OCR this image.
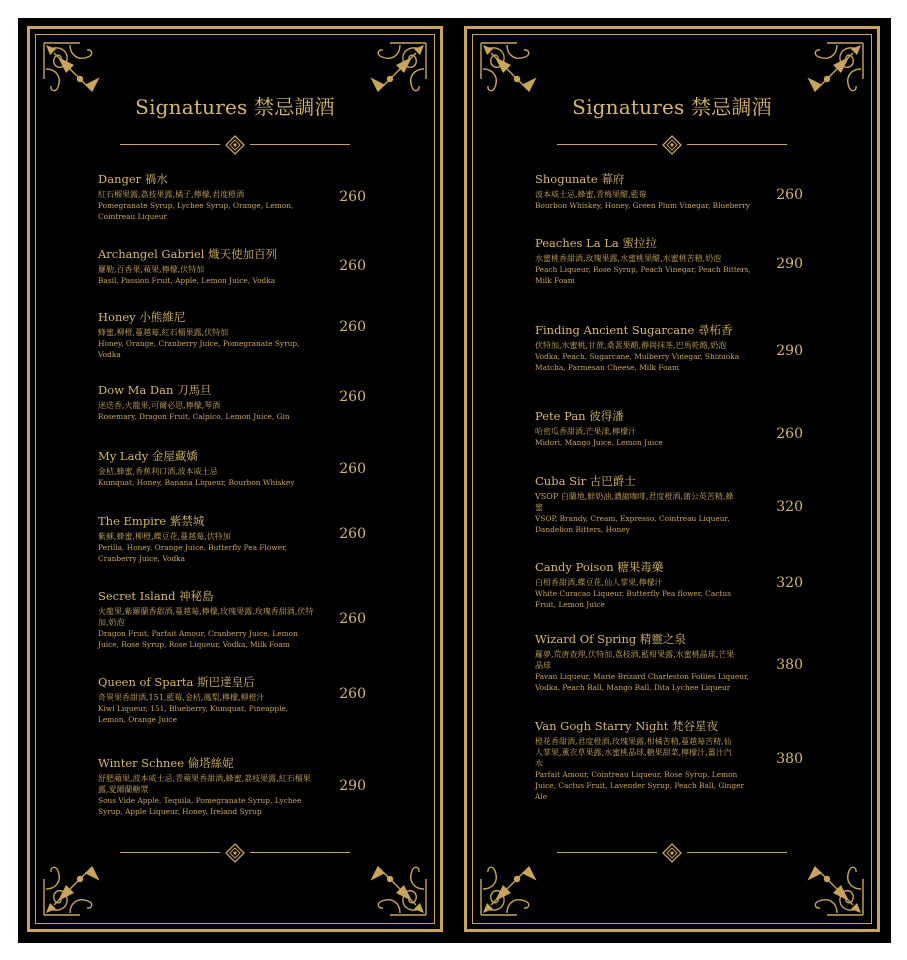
Signatures 禁忌調酒
Danger 禍水
紅石榴果露,荔枝果露,橘子,檸檬,君度橙酒
Pomegranate Syrup, Lychee Syrup, Orange, Lemon, Cointreau Liqueur
260
Archangel Gabriel 熾天使加百列
羅勒,百香果,蘋果,檸檬,伏特加
Basil, Passion Fruit, Apple, Lemon Juice, Vodka
260
Honey 小熊維尼
蜂蜜,柳橙,蔓越莓,紅石榴果露,伏特加
Honey, Orange, Cranberry Juice, Pomegranate Syrup, Vodka
260
Dow Ma Dan 刀馬旦
迷迭香,火龍果,可爾必思,檸檬,琴酒
Rosemary, Dragon Fruit, Calpico, Lemon Juice, Gin
260
My Lady 金屋藏嬌
金桔,蜂蜜,香蕉利口酒,波本威士忌
Kumquat, Honey, Banana Liqueur, Bourbon Whiskey
260
The Empire 紫禁城
紫蘇,蜂蜜,柳橙,蝶豆花,蔓越莓,伏特加
Perilla, Honey, Orange Juice, Butterfly Pea Flower, Cranberry Juice, Vodka
260
Secret Island 神秘島
火龍果,紫羅蘭香甜酒,蔓越莓,檸檬,玫瑰果露,玫瑰香甜酒,伏特加,奶泡
Dragon Fruit, Parfait Amour, Cranberry Juice, Lemon Juice, Rose Syrup, Rose Liqueur, Vodka, Milk Foam
260
Queen of Sparta 斯巴達皇后
奇異果香甜酒,151,藍莓,金桔,鳳梨,檸檬,柳橙汁
Kiwi Liqueur, 151, Blueberry, Kumquat, Pineapple, Lemon, Orange Juice
260
Winter Schnee 倫塔絲妮
舒肥蘋果,波本威士忌,青蘋果香甜酒,蜂蜜,荔枝果露,紅石榴果露,愛爾蘭糖漿
Sous Vide Apple, Tequila, Pomegranate Syrup, Lychee Syrup, Apple Liqueur, Honey, Ireland Syrup
290
Signatures 禁忌調酒
Shogunate 幕府
波本威士忌,蜂蜜,青梅果醋,藍莓
Bourbon Whiskey, Honey, Green Plum Vinegar, Blueberry
260
Peaches La La 蜜拉拉
水蜜桃香甜酒,玫瑰果露,水蜜桃果醋,水蜜桃苦精,奶泡
Peach Liqueur, Rose Syrup, Peach Vinegar, Peach Bitters, Milk Foam
290
Finding Ancient Sugarcane 尋柘香
伏特加,水蜜桃,甘蔗,桑葚果醋,靜岡抹茶,巴馬乾酪,奶泡
Vodka, Peach, Sugarcane, Mulberry Vinegar, Shizuoka Matcha, Parmesan Cheese, Milk Foam
290
Pete Pan 彼得潘
哈密瓜香甜酒,芒果漾,檸檬汁
Midori, Mango Juice, Lemon Juice
260
Cuba Sir 古巴爵士
VSOP 白蘭地,鮮奶油,濃縮咖啡,君度橙酒,蒲公英苦精,蜂蜜
VSOP, Brandy, Cream, Expresso, Cointreau Liqueur, Dandelion Bitters, Honey
320
Candy Poison 糖果毒藥
白柑香甜酒,蝶豆花,仙人掌果,檸檬汁
White Curacao Liqueur, Butterfly Pea flower, Cactus Fruit, Lemon Juice
320
Wizard Of Spring 精靈之泉
蘿夢,荒唐查理,伏特加,荔枝酒,藍柑果露,水蜜桃晶球,芒果晶球
Pavan Liqueur, Marie Brizard Charleston Follies Liqueur, Vodka, Peach Ball, Mango Ball, Dita Lychee Liqueur
380
Van Gogh Starry Night 梵谷星夜
橙花香甜酒,君度橙酒,玫瑰果露,柑橘苦精,蔓越莓苦精,仙人掌果,薰衣草果露,水蜜桃晶球,糖果甜菜,檸檬汁,薑汁汽水
Parfait Amour, Cointreau Liqueur, Rose Syrup, Lemon Juice, Cactus Fruit, Lavender Syrup, Peach Ball, Ginger Ale
380
